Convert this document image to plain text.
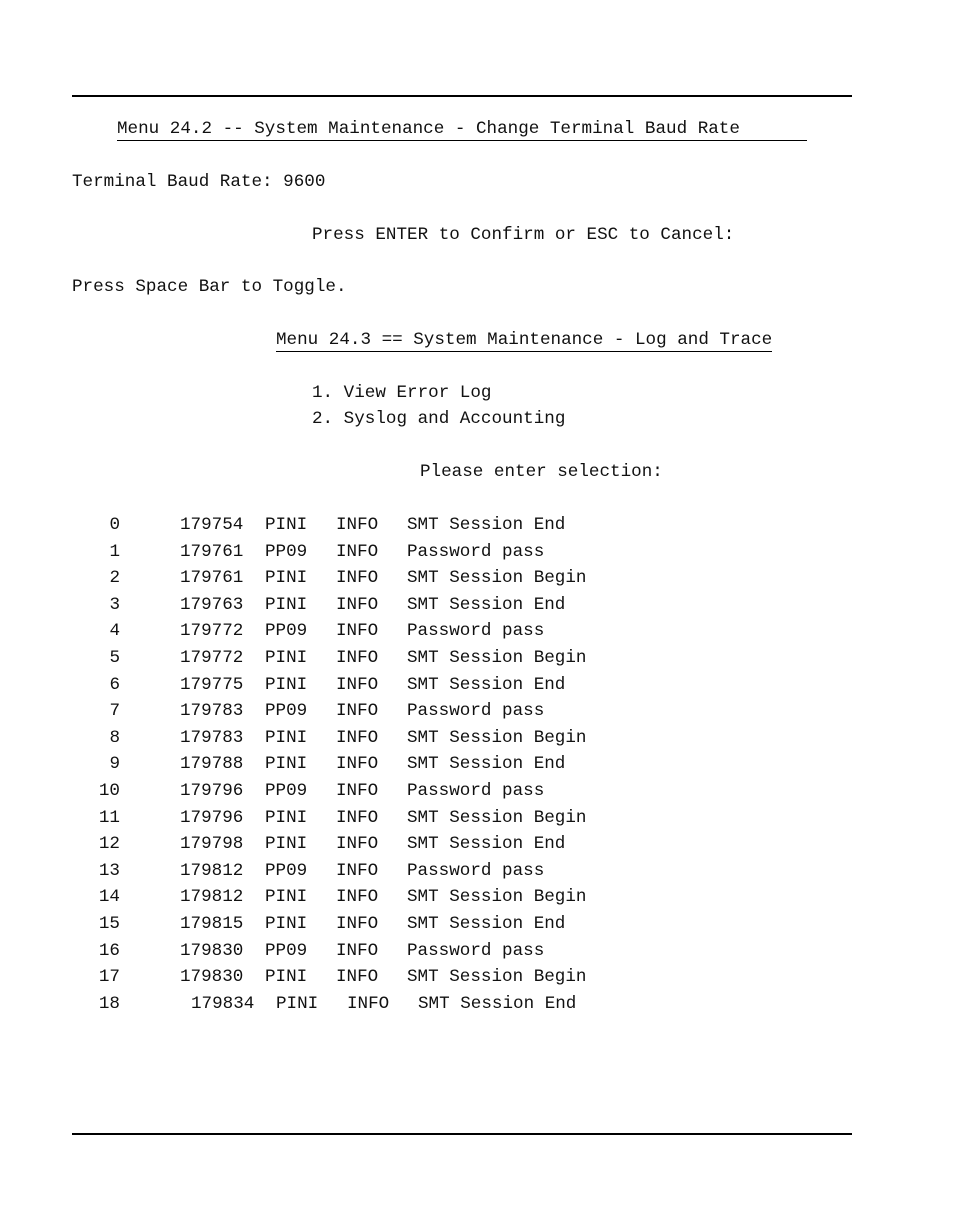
Menu 24.2 -- System Maintenance - Change Terminal Baud Rate
Terminal Baud Rate: 9600
Press ENTER to Confirm or ESC to Cancel:
Press Space Bar to Toggle.
Menu 24.3 == System Maintenance - Log and Trace
1. View Error Log
2. Syslog and Accounting
Please enter selection:
0	179754 PINI INFO SMT Session End
1	179761 PP09 INFO Password pass
2	179761 PINI INFO SMT Session Begin
3	179763 PINI INFO SMT Session End
4	179772 PP09 INFO Password pass
5	179772 PINI INFO SMT Session Begin
6	179775 PINI INFO SMT Session End
7	179783 PP09 INFO Password pass
8	179783 PINI INFO SMT Session Begin
9	179788 PINI INFO SMT Session End
10	179796 PP09 INFO Password pass
11	179796 PINI INFO SMT Session Begin
12	179798 PINI INFO SMT Session End
13	179812 PP09 INFO Password pass
14	179812 PINI INFO SMT Session Begin
15	179815 PINI INFO SMT Session End
16	179830 PP09 INFO Password pass
17	179830 PINI INFO SMT Session Begin
18	179834 PINI INFO SMT Session End
